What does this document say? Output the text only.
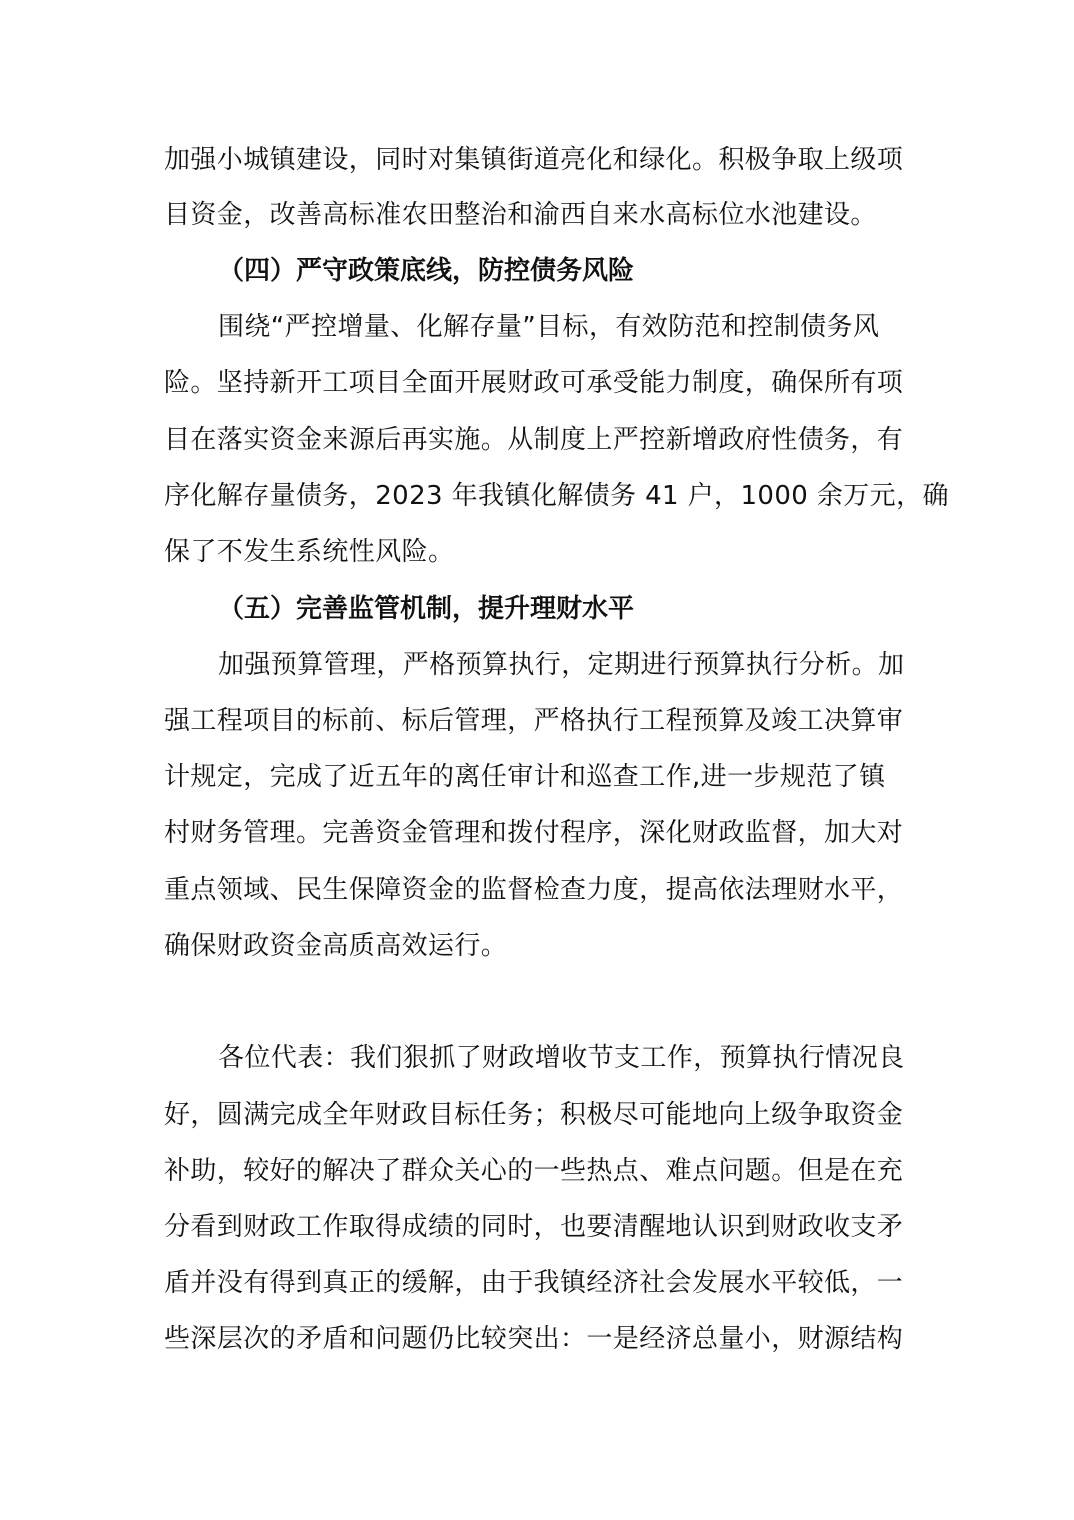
加强小城镇建设，同时对集镇街道亮化和绿化。积极争取上级项
目资金，改善高标准农田整治和渝西自来水高标位水池建设。
（四）严守政策底线，防控债务风险
围绕“严控增量、化解存量”目标，有效防范和控制债务风
险。坚持新开工项目全面开展财政可承受能力制度，确保所有项
目在落实资金来源后再实施。从制度上严控新增政府性债务，有
序化解存量债务，2023 年我镇化解债务 41 户，1000 余万元，确
保了不发生系统性风险。
（五）完善监管机制，提升理财水平
加强预算管理，严格预算执行，定期进行预算执行分析。加
强工程项目的标前、标后管理，严格执行工程预算及竣工决算审
计规定，完成了近五年的离任审计和巡查工作,进一步规范了镇
村财务管理。完善资金管理和拨付程序，深化财政监督，加大对
重点领域、民生保障资金的监督检查力度，提高依法理财水平，
确保财政资金高质高效运行。
各位代表：我们狠抓了财政增收节支工作，预算执行情况良
好，圆满完成全年财政目标任务；积极尽可能地向上级争取资金
补助，较好的解决了群众关心的一些热点、难点问题。但是在充
分看到财政工作取得成绩的同时，也要清醒地认识到财政收支矛
盾并没有得到真正的缓解，由于我镇经济社会发展水平较低，一
些深层次的矛盾和问题仍比较突出：一是经济总量小，财源结构
